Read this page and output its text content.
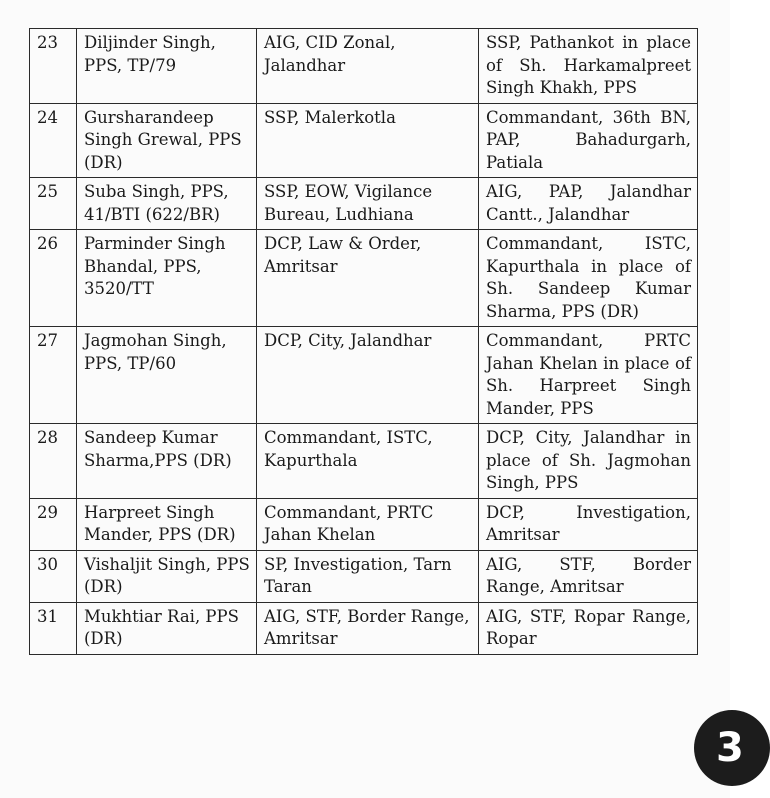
23	Diljinder Singh, PPS, TP/79	AIG, CID Zonal, Jalandhar	SSP, Pathankot in place of Sh. Harkamalpreet Singh Khakh, PPS
24	Gursharandeep Singh Grewal, PPS (DR)	SSP, Malerkotla	Commandant, 36th BN, PAP, Bahadurgarh, Patiala
25	Suba Singh, PPS, 41/BTI (622/BR)	SSP, EOW, Vigilance Bureau, Ludhiana	AIG, PAP, Jalandhar Cantt., Jalandhar
26	Parminder Singh Bhandal, PPS, 3520/TT	DCP, Law & Order, Amritsar	Commandant, ISTC, Kapurthala in place of Sh. Sandeep Kumar Sharma, PPS (DR)
27	Jagmohan Singh, PPS, TP/60	DCP, City, Jalandhar	Commandant, PRTC Jahan Khelan in place of Sh. Harpreet Singh Mander, PPS
28	Sandeep Kumar Sharma,PPS (DR)	Commandant, ISTC, Kapurthala	DCP, City, Jalandhar in place of Sh. Jagmohan Singh, PPS
29	Harpreet Singh Mander, PPS (DR)	Commandant, PRTC Jahan Khelan	DCP, Investigation, Amritsar
30	Vishaljit Singh, PPS (DR)	SP, Investigation, Tarn Taran	AIG, STF, Border Range, Amritsar
31	Mukhtiar Rai, PPS (DR)	AIG, STF, Border Range, Amritsar	AIG, STF, Ropar Range, Ropar
3
